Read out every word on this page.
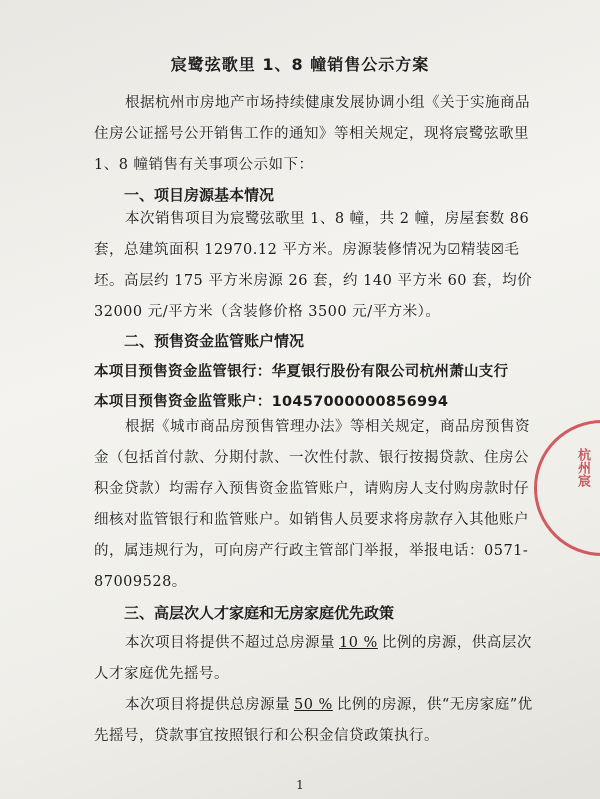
杭州宸
宸鹭弦歌里 1、8 幢销售公示方案
根据杭州市房地产市场持续健康发展协调小组《关于实施商品住房公证摇号公开销售工作的通知》等相关规定，现将宸鹭弦歌里 1、8 幢销售有关事项公示如下：
一、项目房源基本情况
本次销售项目为宸鹭弦歌里 1、8 幢，共 2 幢，房屋套数 86 套，总建筑面积 12970.12 平方米。房源装修情况为☑精装☒毛坯。高层约 175 平方米房源 26 套，约 140 平方米 60 套，均价 32000 元/平方米（含装修价格 3500 元/平方米）。
二、预售资金监管账户情况
本项目预售资金监管银行：华夏银行股份有限公司杭州萧山支行
本项目预售资金监管账户：10457000000856994
根据《城市商品房预售管理办法》等相关规定，商品房预售资金（包括首付款、分期付款、一次性付款、银行按揭贷款、住房公积金贷款）均需存入预售资金监管账户，请购房人支付购房款时仔细核对监管银行和监管账户。如销售人员要求将房款存入其他账户的，属违规行为，可向房产行政主管部门举报，举报电话：0571-87009528。
三、高层次人才家庭和无房家庭优先政策
本次项目将提供不超过总房源量 10 % 比例的房源，供高层次人才家庭优先摇号。
本次项目将提供总房源量 50 % 比例的房源，供“无房家庭”优先摇号，贷款事宜按照银行和公积金信贷政策执行。
1
